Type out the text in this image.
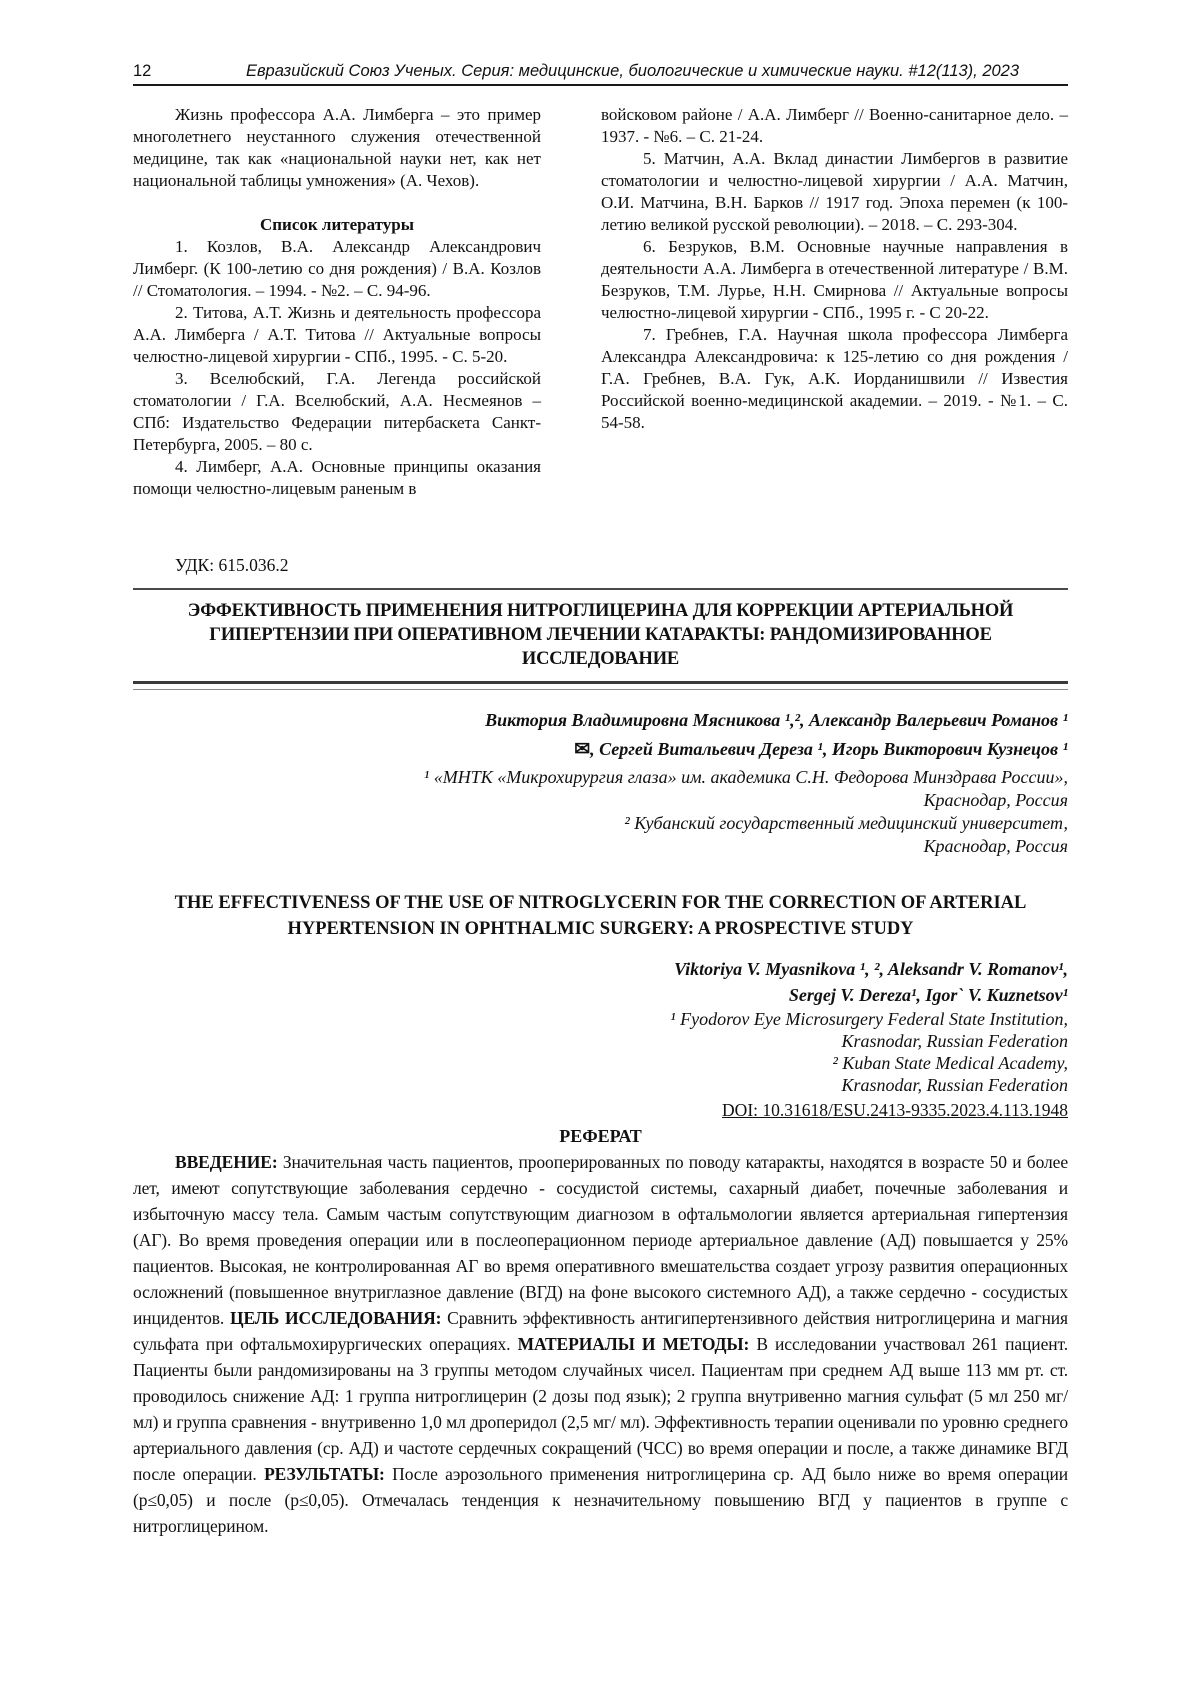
12	Евразийский Союз Ученых. Серия: медицинские, биологические и химические науки. #12(113), 2023

Жизнь профессора А.А. Лимберга – это пример многолетнего неустанного служения отечественной медицине, так как «национальной науки нет, как нет национальной таблицы умножения» (А. Чехов).

Список литературы

1. Козлов, В.А. Александр Александрович Лимберг. (К 100-летию со дня рождения) / В.А. Козлов // Стоматология. – 1994. - №2. – С. 94-96.

2. Титова, А.Т. Жизнь и деятельность профессора А.А. Лимберга / А.Т. Титова // Актуальные вопросы челюстно-лицевой хирургии - СПб., 1995. - С. 5-20.

3. Вселюбский, Г.А. Легенда российской стоматологии / Г.А. Вселюбский, А.А. Несмеянов – СПб: Издательство Федерации питербаскета Санкт-Петербурга, 2005. – 80 с.

4. Лимберг, А.А. Основные принципы оказания помощи челюстно-лицевым раненым в

войсковом районе / А.А. Лимберг // Военно-санитарное дело. – 1937. - №6. – С. 21-24.

5. Матчин, А.А. Вклад династии Лимбергов в развитие стоматологии и челюстно-лицевой хирургии / А.А. Матчин, О.И. Матчина, В.Н. Барков // 1917 год. Эпоха перемен (к 100-летию великой русской революции). – 2018. – С. 293-304.

6. Безруков, В.М. Основные научные направления в деятельности А.А. Лимберга в отечественной литературе / В.М. Безруков, Т.М. Лурье, Н.Н. Смирнова // Актуальные вопросы челюстно-лицевой хирургии - СПб., 1995 г. - С 20-22.

7. Гребнев, Г.А. Научная школа профессора Лимберга Александра Александровича: к 125-летию со дня рождения / Г.А. Гребнев, В.А. Гук, А.К. Иорданишвили // Известия Российской военно-медицинской академии. – 2019. - №1. – С. 54-58.

УДК: 615.036.2
ЭФФЕКТИВНОСТЬ ПРИМЕНЕНИЯ НИТРОГЛИЦЕРИНА ДЛЯ КОРРЕКЦИИ АРТЕРИАЛЬНОЙ ГИПЕРТЕНЗИИ ПРИ ОПЕРАТИВНОМ ЛЕЧЕНИИ КАТАРАКТЫ: РАНДОМИЗИРОВАННОЕ ИССЛЕДОВАНИЕ
Виктория Владимировна Мясникова ¹,², Александр Валерьевич Романов ¹
✉, Сергей Витальевич Дереза ¹, Игорь Викторович Кузнецов ¹
¹ «МНТК «Микрохирургия глаза» им. академика С.Н. Федорова Минздрава России»,
Краснодар, Россия
² Кубанский государственный медицинский университет,
Краснодар, Россия
THE EFFECTIVENESS OF THE USE OF NITROGLYCERIN FOR THE CORRECTION OF ARTERIAL HYPERTENSION IN OPHTHALMIC SURGERY: A PROSPECTIVE STUDY
Viktoriya V. Myasnikova ¹, ², Aleksandr V. Romanov¹,
Sergej V. Dereza¹, Igor` V. Kuznetsov¹
¹ Fyodorov Eye Microsurgery Federal State Institution,
Krasnodar, Russian Federation
² Kuban State Medical Academy,
Krasnodar, Russian Federation
DOI: 10.31618/ESU.2413-9335.2023.4.113.1948
РЕФЕРАТ

ВВЕДЕНИЕ: Значительная часть пациентов, прооперированных по поводу катаракты, находятся в возрасте 50 и более лет, имеют сопутствующие заболевания сердечно - сосудистой системы, сахарный диабет, почечные заболевания и избыточную массу тела. Самым частым сопутствующим диагнозом в офтальмологии является артериальная гипертензия (АГ). Во время проведения операции или в послеоперационном периоде артериальное давление (АД) повышается у 25% пациентов. Высокая, не контролированная АГ во время оперативного вмешательства создает угрозу развития операционных осложнений (повышенное внутриглазное давление (ВГД) на фоне высокого системного АД), а также сердечно - сосудистых инцидентов. ЦЕЛЬ ИССЛЕДОВАНИЯ: Сравнить эффективность антигипертензивного действия нитроглицерина и магния сульфата при офтальмохирургических операциях. МАТЕРИАЛЫ И МЕТОДЫ: В исследовании участвовал 261 пациент. Пациенты были рандомизированы на 3 группы методом случайных чисел. Пациентам при среднем АД выше 113 мм рт. ст. проводилось снижение АД: 1 группа нитроглицерин (2 дозы под язык); 2 группа внутривенно магния сульфат (5 мл 250 мг/мл) и группа сравнения - внутривенно 1,0 мл дроперидол (2,5 мг/ мл). Эффективность терапии оценивали по уровню среднего артериального давления (ср. АД) и частоте сердечных сокращений (ЧСС) во время операции и после, а также динамике ВГД после операции. РЕЗУЛЬТАТЫ: После аэрозольного применения нитроглицерина ср. АД было ниже во время операции (p≤0,05) и после (p≤0,05). Отмечалась тенденция к незначительному повышению ВГД у пациентов в группе с нитроглицерином.
